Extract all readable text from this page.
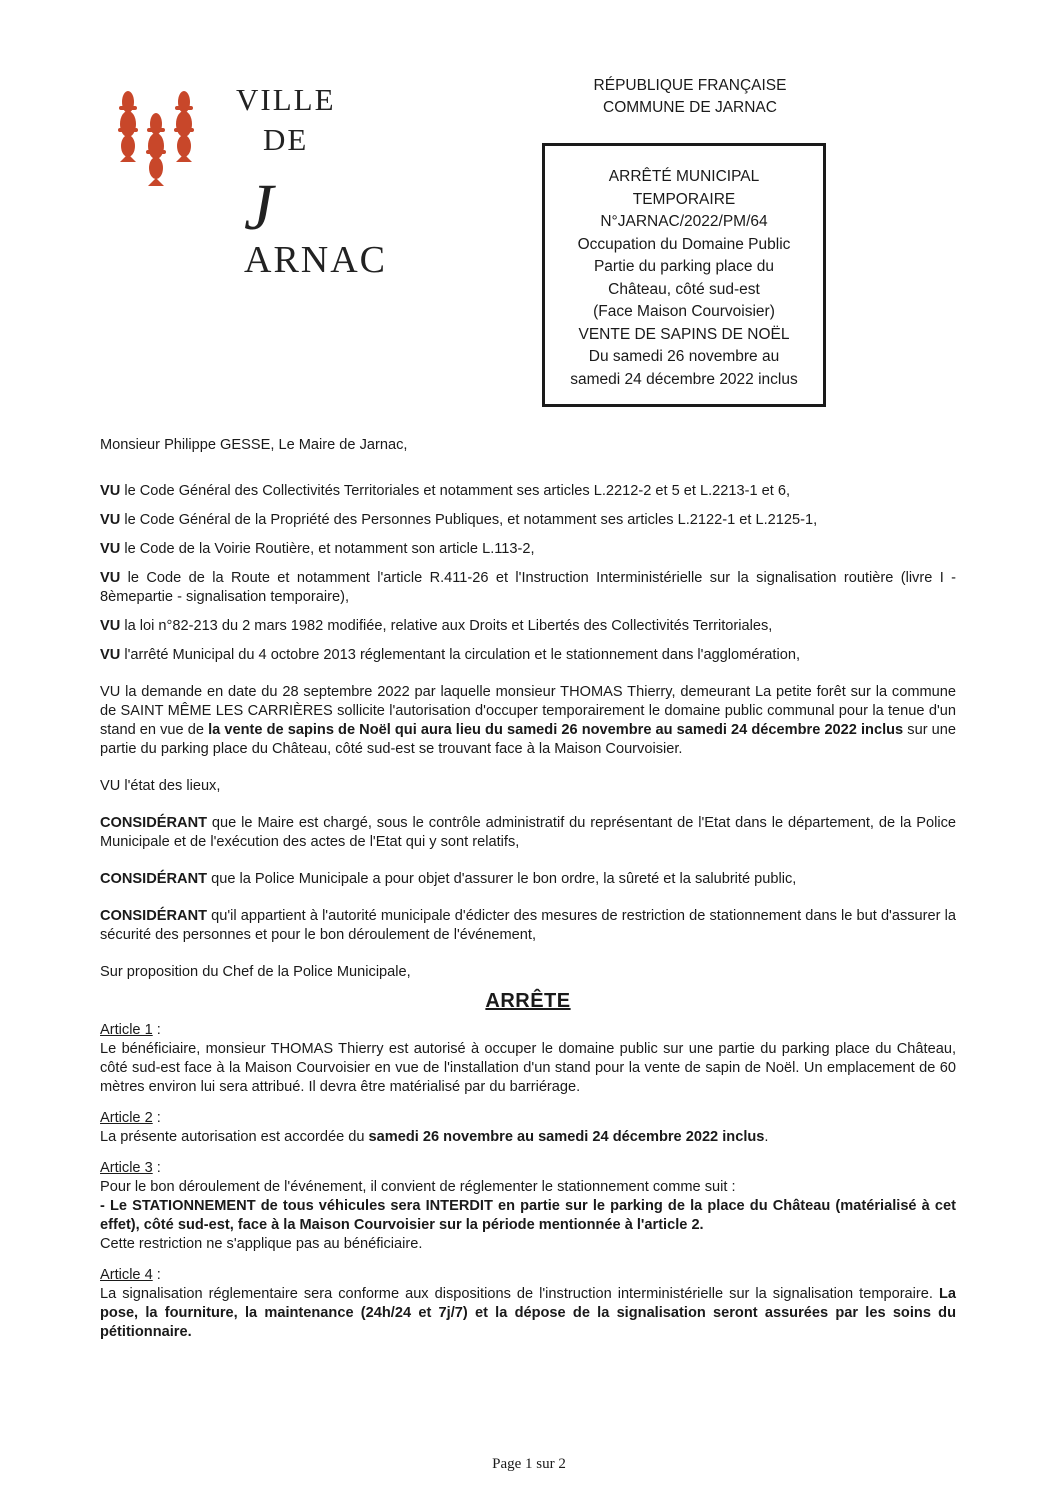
VILLE
DE
JARNAC
RÉPUBLIQUE FRANÇAISE
COMMUNE DE JARNAC
ARRÊTÉ MUNICIPAL
TEMPORAIRE
N°JARNAC/2022/PM/64
Occupation du Domaine Public
Partie du parking place du
Château, côté sud-est
(Face Maison Courvoisier)
VENTE DE SAPINS DE NOËL
Du samedi 26 novembre au
samedi 24 décembre 2022 inclus

Monsieur Philippe GESSE, Le Maire de Jarnac,

VU le Code Général des Collectivités Territoriales et notamment ses articles L.2212-2 et 5 et L.2213-1 et 6,

VU le Code Général de la Propriété des Personnes Publiques, et notamment ses articles L.2122-1 et L.2125-1,

VU le Code de la Voirie Routière, et notamment son article L.113-2,

VU le Code de la Route et notamment l'article R.411-26 et l'Instruction Interministérielle sur la signalisation routière (livre I - 8èmepartie - signalisation temporaire),

VU la loi n°82-213 du 2 mars 1982 modifiée, relative aux Droits et Libertés des Collectivités Territoriales,

VU l'arrêté Municipal du 4 octobre 2013 réglementant la circulation et le stationnement dans l'agglomération,

VU la demande en date du 28 septembre 2022 par laquelle monsieur THOMAS Thierry, demeurant La petite forêt sur la commune de SAINT MÊME LES CARRIÈRES sollicite l'autorisation d'occuper temporairement le domaine public communal pour la tenue d'un stand en vue de la vente de sapins de Noël qui aura lieu du samedi 26 novembre au samedi 24 décembre 2022 inclus sur une partie du parking place du Château, côté sud-est se trouvant face à la Maison Courvoisier.

VU l'état des lieux,

CONSIDÉRANT que le Maire est chargé, sous le contrôle administratif du représentant de l'Etat dans le département, de la Police Municipale et de l'exécution des actes de l'Etat qui y sont relatifs,

CONSIDÉRANT que la Police Municipale a pour objet d'assurer le bon ordre, la sûreté et la salubrité public,

CONSIDÉRANT qu'il appartient à l'autorité municipale d'édicter des mesures de restriction de stationnement dans le but d'assurer la sécurité des personnes et pour le bon déroulement de l'événement,

Sur proposition du Chef de la Police Municipale,

ARRÊTE
Article 1 :
Le bénéficiaire, monsieur THOMAS Thierry est autorisé à occuper le domaine public sur une partie du parking place du Château, côté sud-est face à la Maison Courvoisier en vue de l'installation d'un stand pour la vente de sapin de Noël. Un emplacement de 60 mètres environ lui sera attribué. Il devra être matérialisé par du barriérage.
Article 2 :
La présente autorisation est accordée du samedi 26 novembre au samedi 24 décembre 2022 inclus.
Article 3 :
Pour le bon déroulement de l'événement, il convient de réglementer le stationnement comme suit :
- Le STATIONNEMENT de tous véhicules sera INTERDIT en partie sur le parking de la place du Château (matérialisé à cet effet), côté sud-est, face à la Maison Courvoisier sur la période mentionnée à l'article 2.
Cette restriction ne s'applique pas au bénéficiaire.
Article 4 :
La signalisation réglementaire sera conforme aux dispositions de l'instruction interministérielle sur la signalisation temporaire. La pose, la fourniture, la maintenance (24h/24 et 7j/7) et la dépose de la signalisation seront assurées par les soins du pétitionnaire.
Page 1 sur 2
